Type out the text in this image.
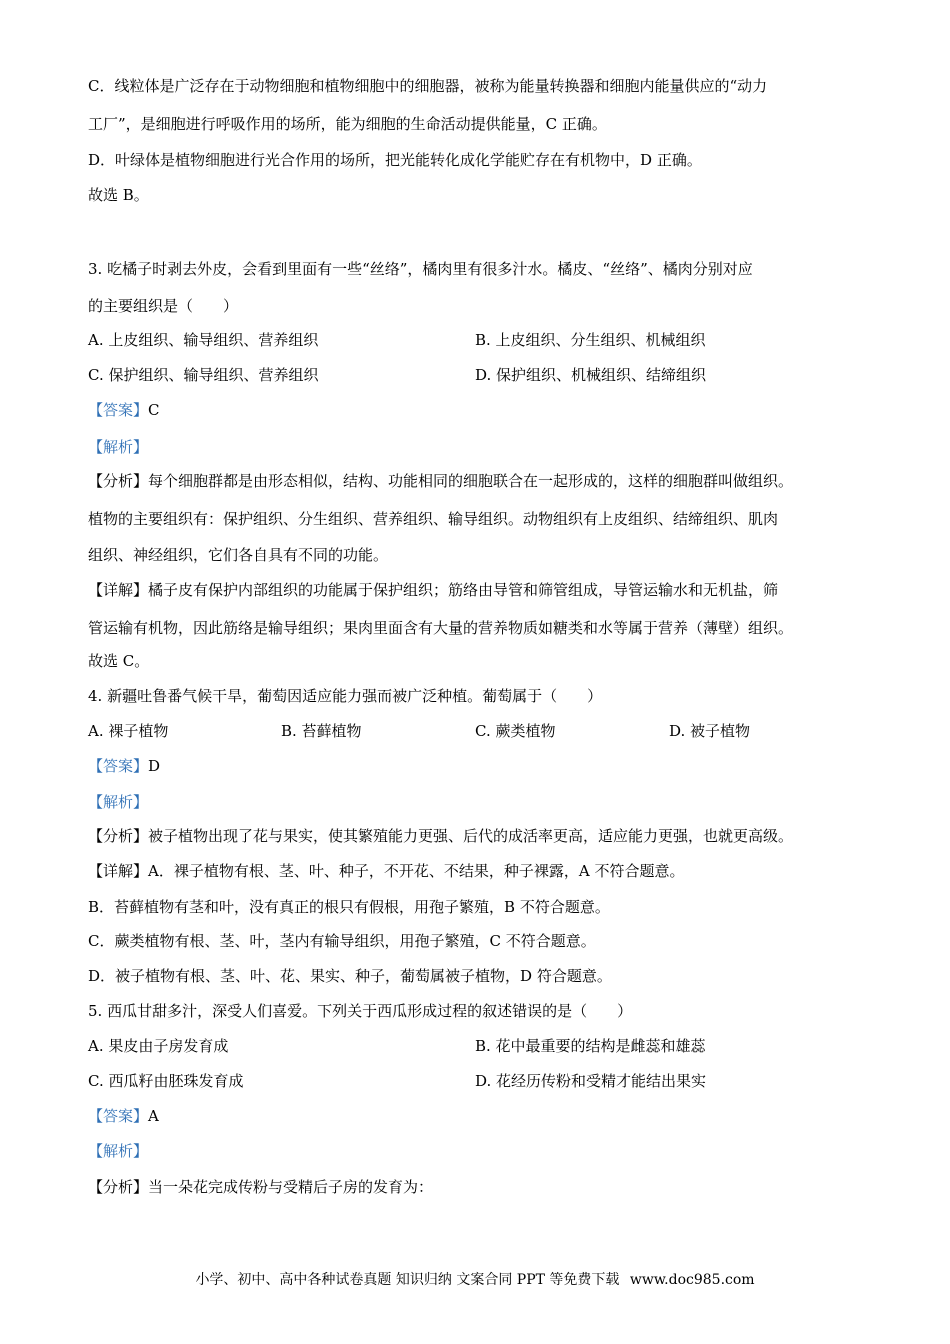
C．线粒体是广泛存在于动物细胞和植物细胞中的细胞器，被称为能量转换器和细胞内能量供应的“动力
工厂”，是细胞进行呼吸作用的场所，能为细胞的生命活动提供能量，C 正确。
D．叶绿体是植物细胞进行光合作用的场所，把光能转化成化学能贮存在有机物中，D 正确。
故选 B。
3. 吃橘子时剥去外皮，会看到里面有一些“丝络”，橘肉里有很多汁水。橘皮、“丝络”、橘肉分别对应
的主要组织是（　　）
A. 上皮组织、输导组织、营养组织	B. 上皮组织、分生组织、机械组织
C. 保护组织、输导组织、营养组织	D. 保护组织、机械组织、结缔组织
【答案】C
【解析】
【分析】每个细胞群都是由形态相似，结构、功能相同的细胞联合在一起形成的，这样的细胞群叫做组织。
植物的主要组织有：保护组织、分生组织、营养组织、输导组织。动物组织有上皮组织、结缔组织、肌肉
组织、神经组织，它们各自具有不同的功能。
【详解】橘子皮有保护内部组织的功能属于保护组织；筋络由导管和筛管组成，导管运输水和无机盐，筛
管运输有机物，因此筋络是输导组织；果肉里面含有大量的营养物质如糖类和水等属于营养（薄壁）组织。
故选 C。
4. 新疆吐鲁番气候干旱，葡萄因适应能力强而被广泛种植。葡萄属于（　　）
A. 裸子植物	B. 苔藓植物	C. 蕨类植物	D. 被子植物
【答案】D
【解析】
【分析】被子植物出现了花与果实，使其繁殖能力更强、后代的成活率更高，适应能力更强，也就更高级。
【详解】A．裸子植物有根、茎、叶、种子，不开花、不结果，种子裸露，A 不符合题意。
B．苔藓植物有茎和叶，没有真正的根只有假根，用孢子繁殖，B 不符合题意。
C．蕨类植物有根、茎、叶，茎内有输导组织，用孢子繁殖，C 不符合题意。
D．被子植物有根、茎、叶、花、果实、种子，葡萄属被子植物，D 符合题意。
5. 西瓜甘甜多汁，深受人们喜爱。下列关于西瓜形成过程的叙述错误的是（　　）
A. 果皮由子房发育成	B. 花中最重要的结构是雌蕊和雄蕊
C. 西瓜籽由胚珠发育成	D. 花经历传粉和受精才能结出果实
【答案】A
【解析】
【分析】当一朵花完成传粉与受精后子房的发育为：
小学、初中、高中各种试卷真题 知识归纳 文案合同 PPT 等免费下载 www.doc985.com
